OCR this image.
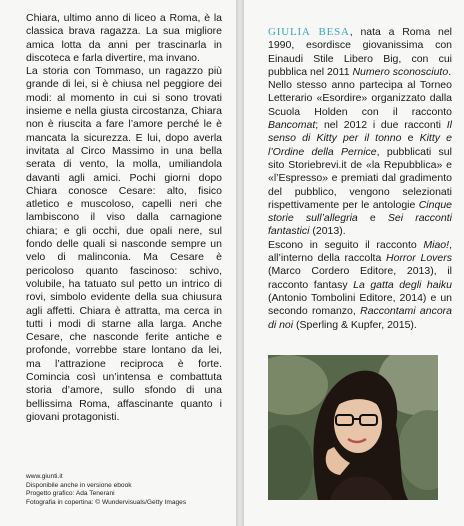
Chiara, ultimo anno di liceo a Roma, è la classica brava ragazza. La sua migliore amica lotta da anni per trascinarla in discoteca e farla divertire, ma invano.

La storia con Tommaso, un ragazzo più grande di lei, si è chiusa nel peggiore dei modi: al momento in cui si sono trovati insieme e nella giusta circostanza, Chiara non è riuscita a fare l’amore perché le è mancata la sicurezza. E lui, dopo averla invitata al Circo Massimo in una bella serata di vento, la molla, umiliandola davanti agli amici. Pochi giorni dopo Chiara conosce Cesare: alto, fisico atletico e muscoloso, capelli neri che lambiscono il viso dalla carnagione chiara; e gli occhi, due opali nere, sul fondo delle quali si nasconde sempre un velo di malinconia. Ma Cesare è pericoloso quanto fascinoso: schivo, volubile, ha tatuato sul petto un intrico di rovi, simbolo evidente della sua chiusura agli affetti. Chiara è attratta, ma cerca in tutti i modi di starne alla larga. Anche Cesare, che nasconde ferite antiche e profonde, vorrebbe stare lontano da lei, ma l’attrazione reciproca è forte. Comincia così un’intensa e combattuta storia d’amore, sullo sfondo di una bellissima Roma, affascinante quanto i giovani protagonisti.

www.giunti.it
Disponibile anche in versione ebook
Progetto grafico: Ada Tenerani
Fotografia in copertina: © Wundervisuals/Getty Images

GIULIA BESA, nata a Roma nel 1990, esordisce giovanissima con Einaudi Stile Libero Big, con cui pubblica nel 2011 Numero sconosciuto.

Nello stesso anno partecipa al Torneo Letterario «Esordire» organizzato dalla Scuola Holden con il racconto Bancomat; nel 2012 i due racconti Il senso di Kitty per il tonno e Kitty e l’Ordine della Pernice, pubblicati sul sito Storiebrevi.it de «la Repubblica» e «l’Espresso» e premiati dal gradimento del pubblico, vengono selezionati rispettivamente per le antologie Cinque storie sull’allegria e Sei racconti fantastici (2013).

Escono in seguito il racconto Miao!, all’interno della raccolta Horror Lovers (Marco Cordero Editore, 2013), il racconto fantasy La gatta degli haiku (Antonio Tombolini Editore, 2014) e un secondo romanzo, Raccontami ancora di noi (Sperling & Kupfer, 2015).
